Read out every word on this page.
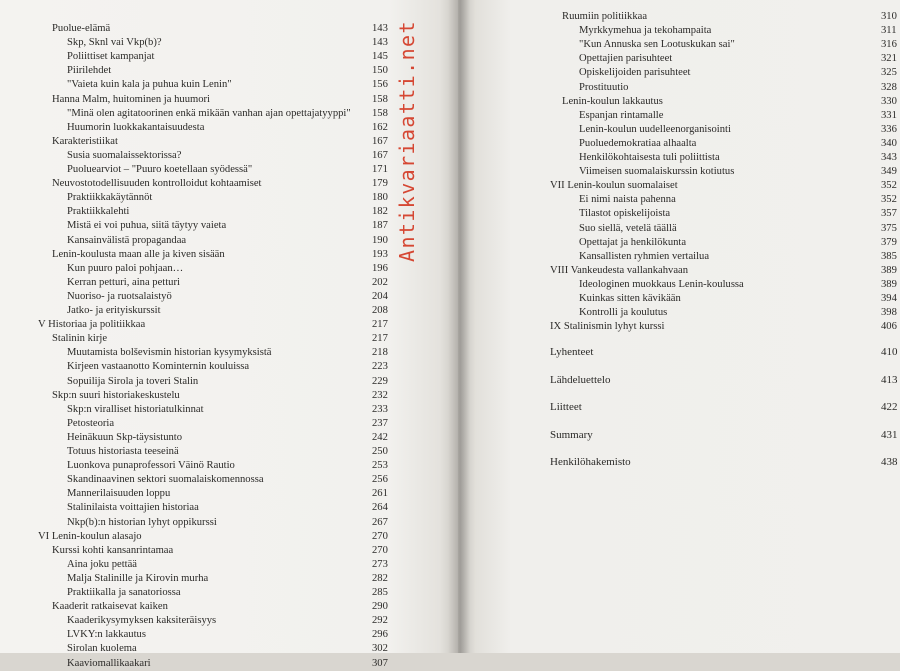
Puolue-elämä	143
Skp, Sknl vai Vkp(b)?	143
Poliittiset kampanjat	145
Piirilehdet	150
"Vaieta kuin kala ja puhua kuin Lenin"	156
Hanna Malm, huitominen ja huumori	158
"Minä olen agitatoorinen enkä mikään vanhan ajan opettajatyyppi" 158
Huumorin luokkakantaisuudesta	162
Karakteristiikat	167
Susia suomalaissektorissa?	167
Puoluearviot – "Puuro koetellaan syödessä"	171
Neuvostotodellisuuden kontrolloidut kohtaamiset	179
Praktiikkakäytännöt	180
Praktiikkalehti	182
Mistä ei voi puhua, siitä täytyy vaieta	187
Kansainvälistä propagandaa	190
Lenin-koulusta maan alle ja kiven sisään	193
Kun puuro paloi pohjaan…	196
Kerran petturi, aina petturi	202
Nuoriso- ja ruotsalaistyö	204
Jatko- ja erityiskurssit	208
V Historiaa ja politiikkaa	217
Stalinin kirje	217
Muutamista bolševismin historian kysymyksistä	218
Kirjeen vastaanotto Kominternin kouluissa	223
Sopuilija Sirola ja toveri Stalin	229
Skp:n suuri historiakeskustelu	232
Skp:n viralliset historiatulkinnat	233
Petosteoria	237
Heinäkuun Skp-täysistunto	242
Totuus historiasta teeseinä	250
Luonkova punaprofessori Väinö Rautio	253
Skandinaavinen sektori suomalaiskomennossa	256
Mannerilaisuuden loppu	261
Stalinilaista voittajien historiaa	264
Nkp(b):n historian lyhyt oppikurssi	267
VI Lenin-koulun alasajo	270
Kurssi kohti kansanrintamaa	270
Aina joku pettää	273
Malja Stalinille ja Kirovin murha	282
Praktiikalla ja sanatoriossa	285
Kaaderit ratkaisevat kaiken	290
Kaaderikysymyksen kaksiteräisyys	292
LVKY:n lakkautus	296
Sirolan kuolema	302
Kaaviomallikaakari	307
Antikvariaatti.net
Ruumiin politiikkaa	310
Myrkkymehua ja tekohampaita	311
"Kun Annuska sen Lootuskukan sai"	316
Opettajien parisuhteet	321
Opiskelijoiden parisuhteet	325
Prostituutio	328
Lenin-koulun lakkautus	330
Espanjan rintamalle	331
Lenin-koulun uudelleenorganisointi	336
Puoluedemokratiaa alhaalta	340
Henkilökohtaisesta tuli poliittista	343
Viimeisen suomalaiskurssin kotiutus	349
VII Lenin-koulun suomalaiset	352
Ei nimi naista pahenna	352
Tilastot opiskelijoista	357
Suo siellä, vetelä täällä	375
Opettajat ja henkilökunta	379
Kansallisten ryhmien vertailua	385
VIII Vankeudesta vallankahvaan	389
Ideologinen muokkaus Lenin-koulussa	389
Kuinkas sitten kävikään	394
Kontrolli ja koulutus	398
IX Stalinismin lyhyt kurssi	406
Lyhenteet	410
Lähdeluettelo	413
Liitteet	422
Summary	431
Henkilöhakemisto	438
